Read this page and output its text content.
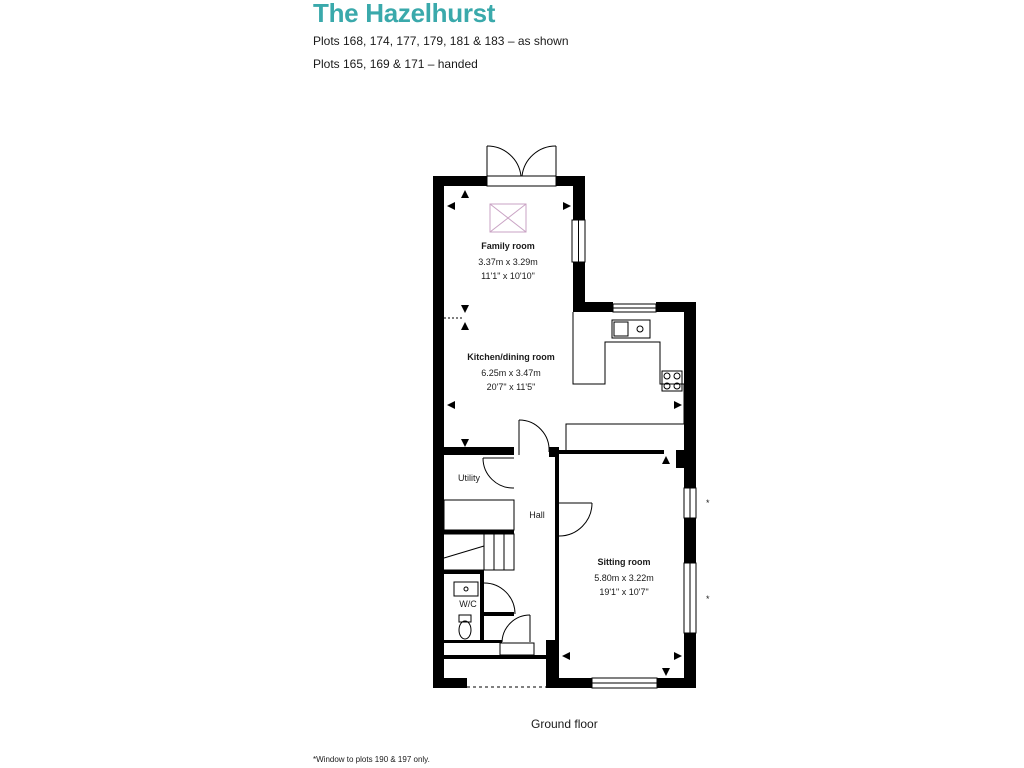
The Hazelhurst
Plots 168, 174, 177, 179, 181 & 183 – as shown
Plots 165, 169 & 171 – handed
Family room
3.37m x 3.29m
11'1" x 10'10"
Kitchen/dining room
6.25m x 3.47m
20'7" x 11'5"
Utility
Hall
W/C
Sitting room
5.80m x 3.22m
19'1" x 10'7"
*
*
Ground floor
*Window to plots 190 & 197 only.
